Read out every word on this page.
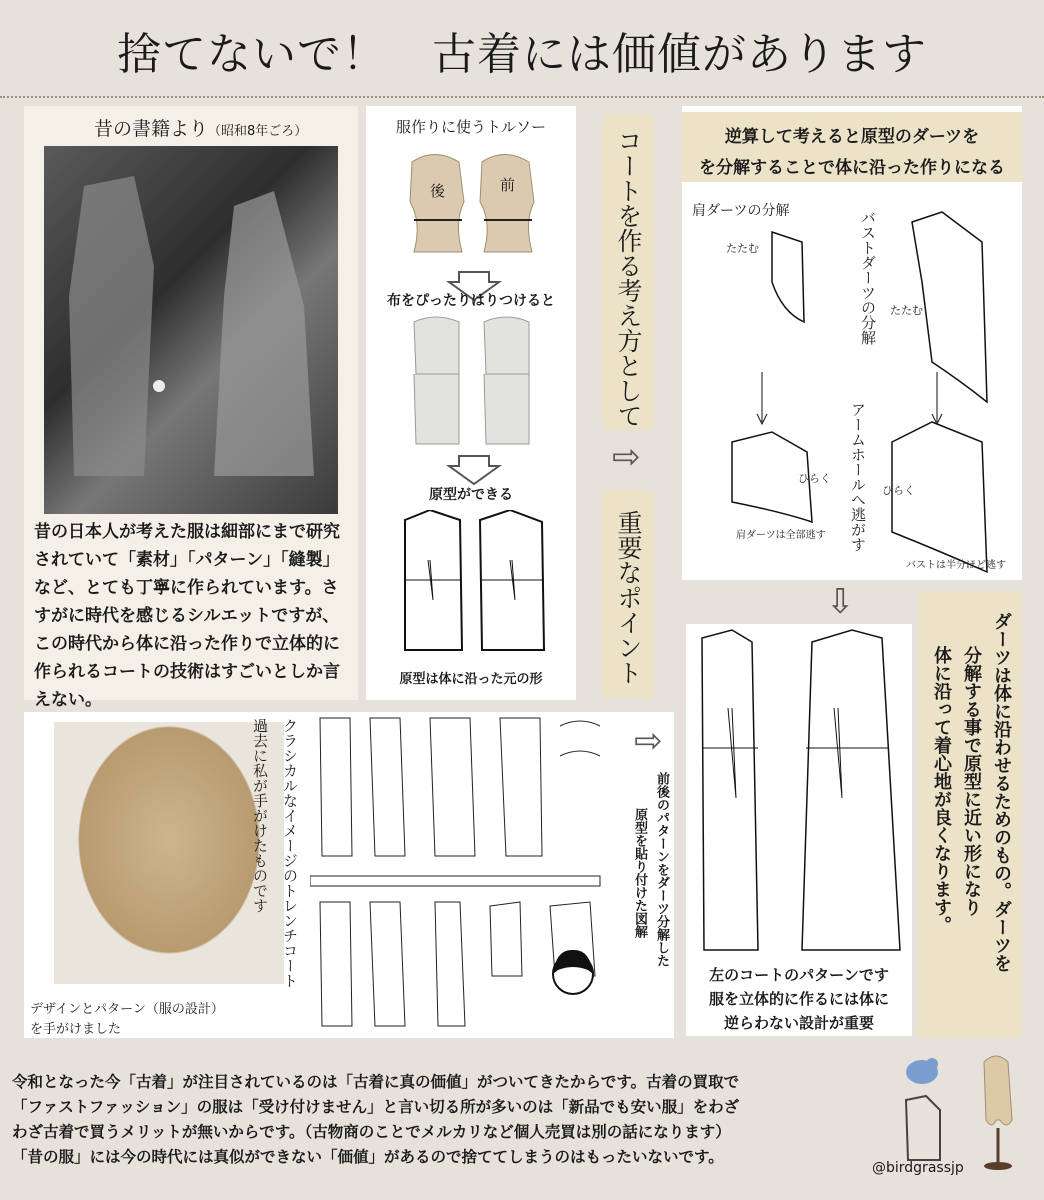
捨てないで！　古着には価値があります
昔の書籍より（昭和8年ごろ）
昔の日本人が考えた服は細部にまで研究されていて「素材」「パターン」「縫製」など、とても丁寧に作られています。さすがに時代を感じるシルエットですが、この時代から体に沿った作りで立体的に作られるコートの技術はすごいとしか言えない。
服作りに使うトルソー
後	前
布をぴったりはりつけると
原型ができる
原型は体に沿った元の形
コートを作る考え方として
⇨
重要なポイント
逆算して考えると原型のダーツを
を分解することで体に沿った作りになる
肩ダーツの分解	バストダーツの分解
たたむ
たたむ
アームホールへ逃がす
ひらく
ひらく
肩ダーツは全部逃す
バストは半分ほど逃す
⇨
左のコートのパターンです
服を立体的に作るには体に
逆らわない設計が重要
ダーツは体に沿わせるためのもの。ダーツを
分解する事で原型に近い形になり
体に沿って着心地が良くなります。
デザインとパターン（服の設計）
を手がけました
クラシカルなイメージのトレンチコート
過去に私が手がけたものです	⇨
前後のパターンをダーツ分解した
原型を貼り付けた図解
令和となった今「古着」が注目されているのは「古着に真の価値」がついてきたからです。古着の買取で
「ファストファッション」の服は「受け付けません」と言い切る所が多いのは「新品でも安い服」をわざ
わざ古着で買うメリットが無いからです。（古物商のことでメルカリなど個人売買は別の話になります）
「昔の服」には今の時代には真似ができない「価値」があるので捨ててしまうのはもったいないです。
@birdgrassjp
